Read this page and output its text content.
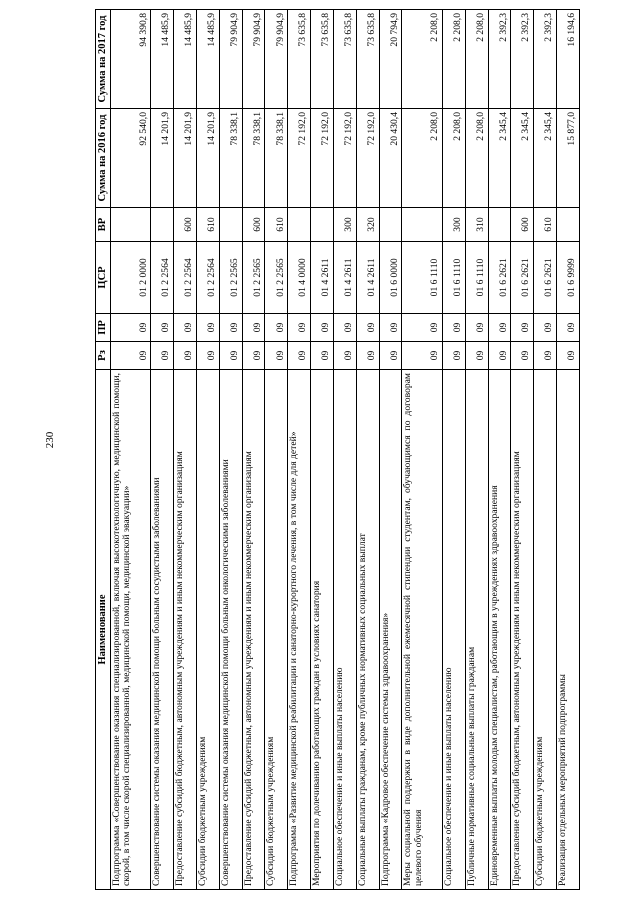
230
Наименование	Рз	ПР	ЦСР	ВР	Сумма на 2016 год	Сумма на 2017 год
Подпрограмма «Совершенствование оказания специализированной, включая высокотехнологичную, медицинской помощи, скорой, в том числе скорой специализированной, медицинской помощи, медицинской эвакуации»	09	09	01 2 0000		92 540,0	94 390,8
Совершенствование системы оказания медицинской помощи больным сосудистыми заболеваниями	09	09	01 2 2564		14 201,9	14 485,9
Предоставление субсидий бюджетным, автономным учреждениям и иным некоммерческим организациям	09	09	01 2 2564	600	14 201,9	14 485,9
Субсидии бюджетным учреждениям	09	09	01 2 2564	610	14 201,9	14 485,9
Совершенствование системы оказания медицинской помощи больным онкологическими заболеваниями	09	09	01 2 2565		78 338,1	79 904,9
Предоставление субсидий бюджетным, автономным учреждениям и иным некоммерческим организациям	09	09	01 2 2565	600	78 338,1	79 904,9
Субсидии бюджетным учреждениям	09	09	01 2 2565	610	78 338,1	79 904,9
Подпрограмма «Развитие медицинской реабилитации и санаторно-курортного лечения, в том числе для детей»	09	09	01 4 0000		72 192,0	73 635,8
Мероприятия по долечиванию работающих граждан в условиях санатория	09	09	01 4 2611		72 192,0	73 635,8
Социальное обеспечение и иные выплаты населению	09	09	01 4 2611	300	72 192,0	73 635,8
Социальные выплаты гражданам, кроме публичных нормативных социальных выплат	09	09	01 4 2611	320	72 192,0	73 635,8
Подпрограмма «Кадровое обеспечение системы здравоохранения»	09	09	01 6 0000		20 430,4	20 794,9
Меры социальной поддержки в виде дополнительной ежемесячной стипендии студентам, обучающимся по договорам целевого обучения	09	09	01 6 1110		2 208,0	2 208,0
Социальное обеспечение и иные выплаты населению	09	09	01 6 1110	300	2 208,0	2 208,0
Публичные нормативные социальные выплаты гражданам	09	09	01 6 1110	310	2 208,0	2 208,0
Единовременные выплаты молодым специалистам, работающим в учреждениях здравоохранения	09	09	01 6 2621		2 345,4	2 392,3
Предоставление субсидий бюджетным, автономным учреждениям и иным некоммерческим организациям	09	09	01 6 2621	600	2 345,4	2 392,3
Субсидии бюджетным учреждениям	09	09	01 6 2621	610	2 345,4	2 392,3
Реализация отдельных мероприятий подпрограммы	09	09	01 6 9999		15 877,0	16 194,6
